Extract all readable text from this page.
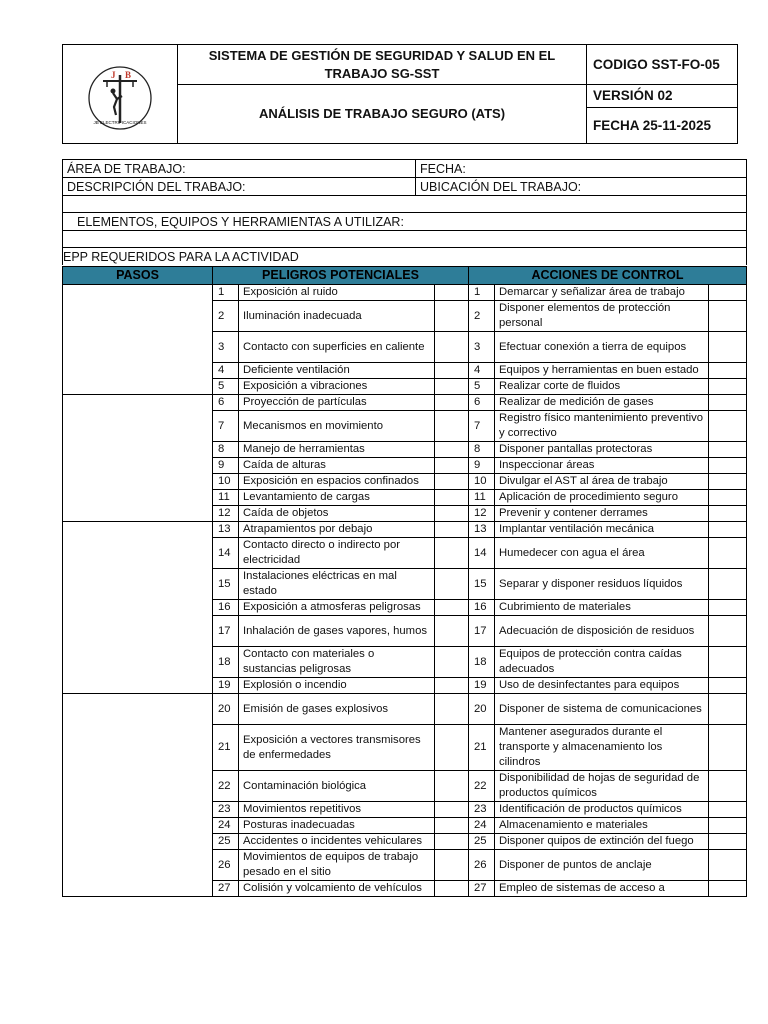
J B
JB ELECTRIFICACIONES	SISTEMA DE GESTIÓN DE SEGURIDAD Y SALUD EN EL TRABAJO SG-SST	CODIGO SST-FO-05
	ANÁLISIS DE TRABAJO SEGURO (ATS)	VERSIÓN 02
FECHA 25-11-2025
ÁREA DE TRABAJO:	FECHA:
DESCRIPCIÓN DEL TRABAJO:	UBICACIÓN DEL TRABAJO:

ELEMENTOS, EQUIPOS Y HERRAMIENTAS A UTILIZAR:	

EPP REQUERIDOS PARA LA ACTIVIDAD	
PASOS	PELIGROS POTENCIALES			ACCIONES DE CONTROL		
	1	Exposición al ruido		1	Demarcar y señalizar área de trabajo	
	2	Iluminación inadecuada		2	Disponer elementos de protección personal	
	3	Contacto con superficies en caliente		3	Efectuar conexión a tierra de equipos	
	4	Deficiente ventilación		4	Equipos y herramientas en buen estado	
	5	Exposición a vibraciones		5	Realizar corte de fluidos	
	6	Proyección de partículas		6	Realizar de medición de gases	
	7	Mecanismos en movimiento		7	Registro físico mantenimiento preventivo y correctivo	
	8	Manejo de herramientas		8	Disponer pantallas protectoras	
	9	Caída de alturas		9	Inspeccionar áreas	
	10	Exposición en espacios confinados		10	Divulgar el AST al área de trabajo	
	11	Levantamiento de cargas		11	Aplicación de procedimiento seguro	
	12	Caída de objetos		12	Prevenir y contener derrames	
	13	Atrapamientos por debajo		13	Implantar ventilación mecánica	
	14	Contacto directo o indirecto por electricidad		14	Humedecer con agua el área	
	15	Instalaciones eléctricas en mal estado		15	Separar y disponer residuos líquidos	
	16	Exposición a atmosferas peligrosas		16	Cubrimiento de materiales	
	17	Inhalación de gases vapores, humos		17	Adecuación de disposición de residuos	
	18	Contacto con materiales o sustancias peligrosas		18	Equipos de protección contra caídas adecuados	
	19	Explosión o incendio		19	Uso de desinfectantes para equipos	
	20	Emisión de gases explosivos		20	Disponer de sistema de comunicaciones	
	21	Exposición a vectores transmisores de enfermedades		21	Mantener asegurados durante el transporte y almacenamiento los cilindros	
	22	Contaminación biológica		22	Disponibilidad de hojas de seguridad de productos químicos	
	23	Movimientos repetitivos		23	Identificación de productos químicos	
	24	Posturas inadecuadas		24	Almacenamiento e materiales	
	25	Accidentes o incidentes vehiculares		25	Disponer quipos de extinción del fuego	
	26	Movimientos de equipos de trabajo pesado en el sitio		26	Disponer de puntos de anclaje	
	27	Colisión y volcamiento de vehículos		27	Empleo de sistemas de acceso a	
